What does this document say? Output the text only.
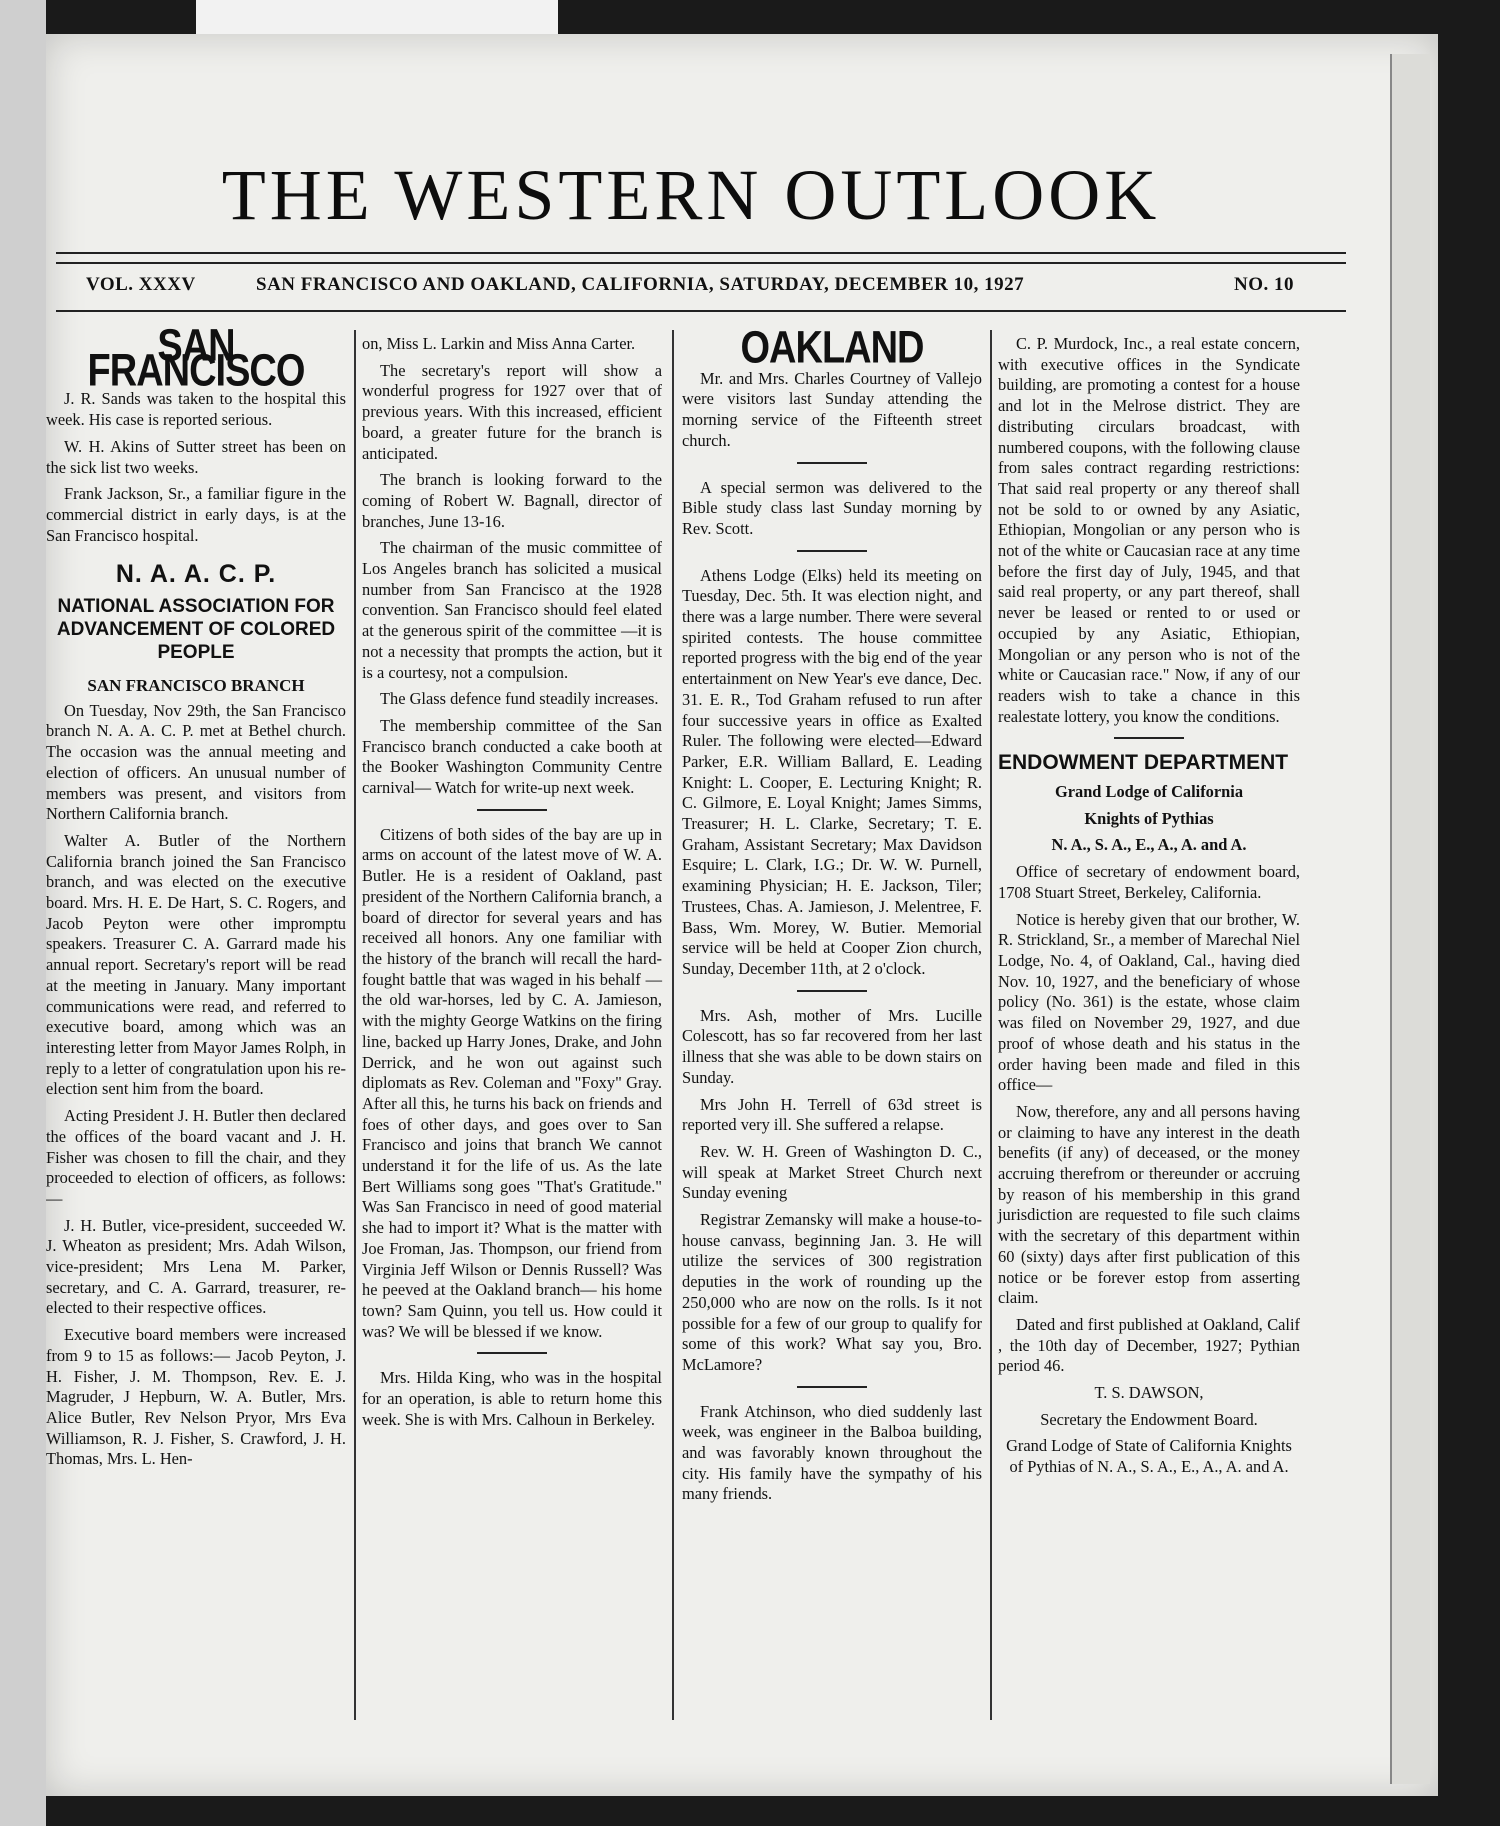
THE WESTERN OUTLOOK
VOL. XXXV	SAN FRANCISCO AND OAKLAND, CALIFORNIA, SATURDAY, DECEMBER 10, 1927	NO. 10
SAN FRANCISCO

J. R. Sands was taken to the hospital this week. His case is reported serious.

W. H. Akins of Sutter street has been on the sick list two weeks.

Frank Jackson, Sr., a familiar figure in the commercial district in early days, is at the San Francisco hospital.

N. A. A. C. P.
NATIONAL ASSOCIATION FOR ADVANCEMENT OF COLORED PEOPLE
SAN FRANCISCO BRANCH

On Tuesday, Nov 29th, the San Francisco branch N. A. A. C. P. met at Bethel church. The occasion was the annual meeting and election of officers. An unusual number of members was present, and visitors from Northern California branch.

Walter A. Butler of the Northern California branch joined the San Francisco branch, and was elected on the executive board. Mrs. H. E. De Hart, S. C. Rogers, and Jacob Peyton were other impromptu speakers. Treasurer C. A. Garrard made his annual report. Secretary's report will be read at the meeting in January. Many important communications were read, and referred to executive board, among which was an interesting letter from Mayor James Rolph, in reply to a letter of congratulation upon his re-election sent him from the board.

Acting President J. H. Butler then declared the offices of the board vacant and J. H. Fisher was chosen to fill the chair, and they proceeded to election of officers, as follows:—

J. H. Butler, vice-president, succeeded W. J. Wheaton as president; Mrs. Adah Wilson, vice-president; Mrs Lena M. Parker, secretary, and C. A. Garrard, treasurer, re-elected to their respective offices.

Executive board members were increased from 9 to 15 as follows:— Jacob Peyton, J. H. Fisher, J. M. Thompson, Rev. E. J. Magruder, J Hepburn, W. A. Butler, Mrs. Alice Butler, Rev Nelson Pryor, Mrs Eva Williamson, R. J. Fisher, S. Crawford, J. H. Thomas, Mrs. L. Hen-

on, Miss L. Larkin and Miss Anna Carter.

The secretary's report will show a wonderful progress for 1927 over that of previous years. With this increased, efficient board, a greater future for the branch is anticipated.

The branch is looking forward to the coming of Robert W. Bagnall, director of branches, June 13-16.

The chairman of the music committee of Los Angeles branch has solicited a musical number from San Francisco at the 1928 convention. San Francisco should feel elated at the generous spirit of the committee —it is not a necessity that prompts the action, but it is a courtesy, not a compulsion.

The Glass defence fund steadily increases.

The membership committee of the San Francisco branch conducted a cake booth at the Booker Washington Community Centre carnival— Watch for write-up next week.

Citizens of both sides of the bay are up in arms on account of the latest move of W. A. Butler. He is a resident of Oakland, past president of the Northern California branch, a board of director for several years and has received all honors. Any one familiar with the history of the branch will recall the hard-fought battle that was waged in his behalf — the old war-horses, led by C. A. Jamieson, with the mighty George Watkins on the firing line, backed up Harry Jones, Drake, and John Derrick, and he won out against such diplomats as Rev. Coleman and "Foxy" Gray. After all this, he turns his back on friends and foes of other days, and goes over to San Francisco and joins that branch We cannot understand it for the life of us. As the late Bert Williams song goes "That's Gratitude." Was San Francisco in need of good material she had to import it? What is the matter with Joe Froman, Jas. Thompson, our friend from Virginia Jeff Wilson or Dennis Russell? Was he peeved at the Oakland branch— his home town? Sam Quinn, you tell us. How could it was? We will be blessed if we know.

Mrs. Hilda King, who was in the hospital for an operation, is able to return home this week. She is with Mrs. Calhoun in Berkeley.

OAKLAND

Mr. and Mrs. Charles Courtney of Vallejo were visitors last Sunday attending the morning service of the Fifteenth street church.

A special sermon was delivered to the Bible study class last Sunday morning by Rev. Scott.

Athens Lodge (Elks) held its meeting on Tuesday, Dec. 5th. It was election night, and there was a large number. There were several spirited contests. The house committee reported progress with the big end of the year entertainment on New Year's eve dance, Dec. 31. E. R., Tod Graham refused to run after four successive years in office as Exalted Ruler. The following were elected—Edward Parker, E.R. William Ballard, E. Leading Knight: L. Cooper, E. Lecturing Knight; R. C. Gilmore, E. Loyal Knight; James Simms, Treasurer; H. L. Clarke, Secretary; T. E. Graham, Assistant Secretary; Max Davidson Esquire; L. Clark, I.G.; Dr. W. W. Purnell, examining Physician; H. E. Jackson, Tiler; Trustees, Chas. A. Jamieson, J. Melentree, F. Bass, Wm. Morey, W. Butier. Memorial service will be held at Cooper Zion church, Sunday, December 11th, at 2 o'clock.

Mrs. Ash, mother of Mrs. Lucille Colescott, has so far recovered from her last illness that she was able to be down stairs on Sunday.

Mrs John H. Terrell of 63d street is reported very ill. She suffered a relapse.

Rev. W. H. Green of Washington D. C., will speak at Market Street Church next Sunday evening

Registrar Zemansky will make a house-to-house canvass, beginning Jan. 3. He will utilize the services of 300 registration deputies in the work of rounding up the 250,000 who are now on the rolls. Is it not possible for a few of our group to qualify for some of this work? What say you, Bro. McLamore?

Frank Atchinson, who died suddenly last week, was engineer in the Balboa building, and was favorably known throughout the city. His family have the sympathy of his many friends.

C. P. Murdock, Inc., a real estate concern, with executive offices in the Syndicate building, are promoting a contest for a house and lot in the Melrose district. They are distributing circulars broadcast, with numbered coupons, with the following clause from sales contract regarding restrictions: That said real property or any thereof shall not be sold to or owned by any Asiatic, Ethiopian, Mongolian or any person who is not of the white or Caucasian race at any time before the first day of July, 1945, and that said real property, or any part thereof, shall never be leased or rented to or used or occupied by any Asiatic, Ethiopian, Mongolian or any person who is not of the white or Caucasian race." Now, if any of our readers wish to take a chance in this realestate lottery, you know the conditions.

ENDOWMENT DEPARTMENT

Grand Lodge of California

Knights of Pythias

N. A., S. A., E., A., A. and A.

Office of secretary of endowment board, 1708 Stuart Street, Berkeley, California.

Notice is hereby given that our brother, W. R. Strickland, Sr., a member of Marechal Niel Lodge, No. 4, of Oakland, Cal., having died Nov. 10, 1927, and the beneficiary of whose policy (No. 361) is the estate, whose claim was filed on November 29, 1927, and due proof of whose death and his status in the order having been made and filed in this office—

Now, therefore, any and all persons having or claiming to have any interest in the death benefits (if any) of deceased, or the money accruing therefrom or thereunder or accruing by reason of his membership in this grand jurisdiction are requested to file such claims with the secretary of this department within 60 (sixty) days after first publication of this notice or be forever estop from asserting claim.

Dated and first published at Oakland, Calif , the 10th day of December, 1927; Pythian period 46.

T. S. DAWSON,

Secretary the Endowment Board.

Grand Lodge of State of California Knights of Pythias of N. A., S. A., E., A., A. and A.
